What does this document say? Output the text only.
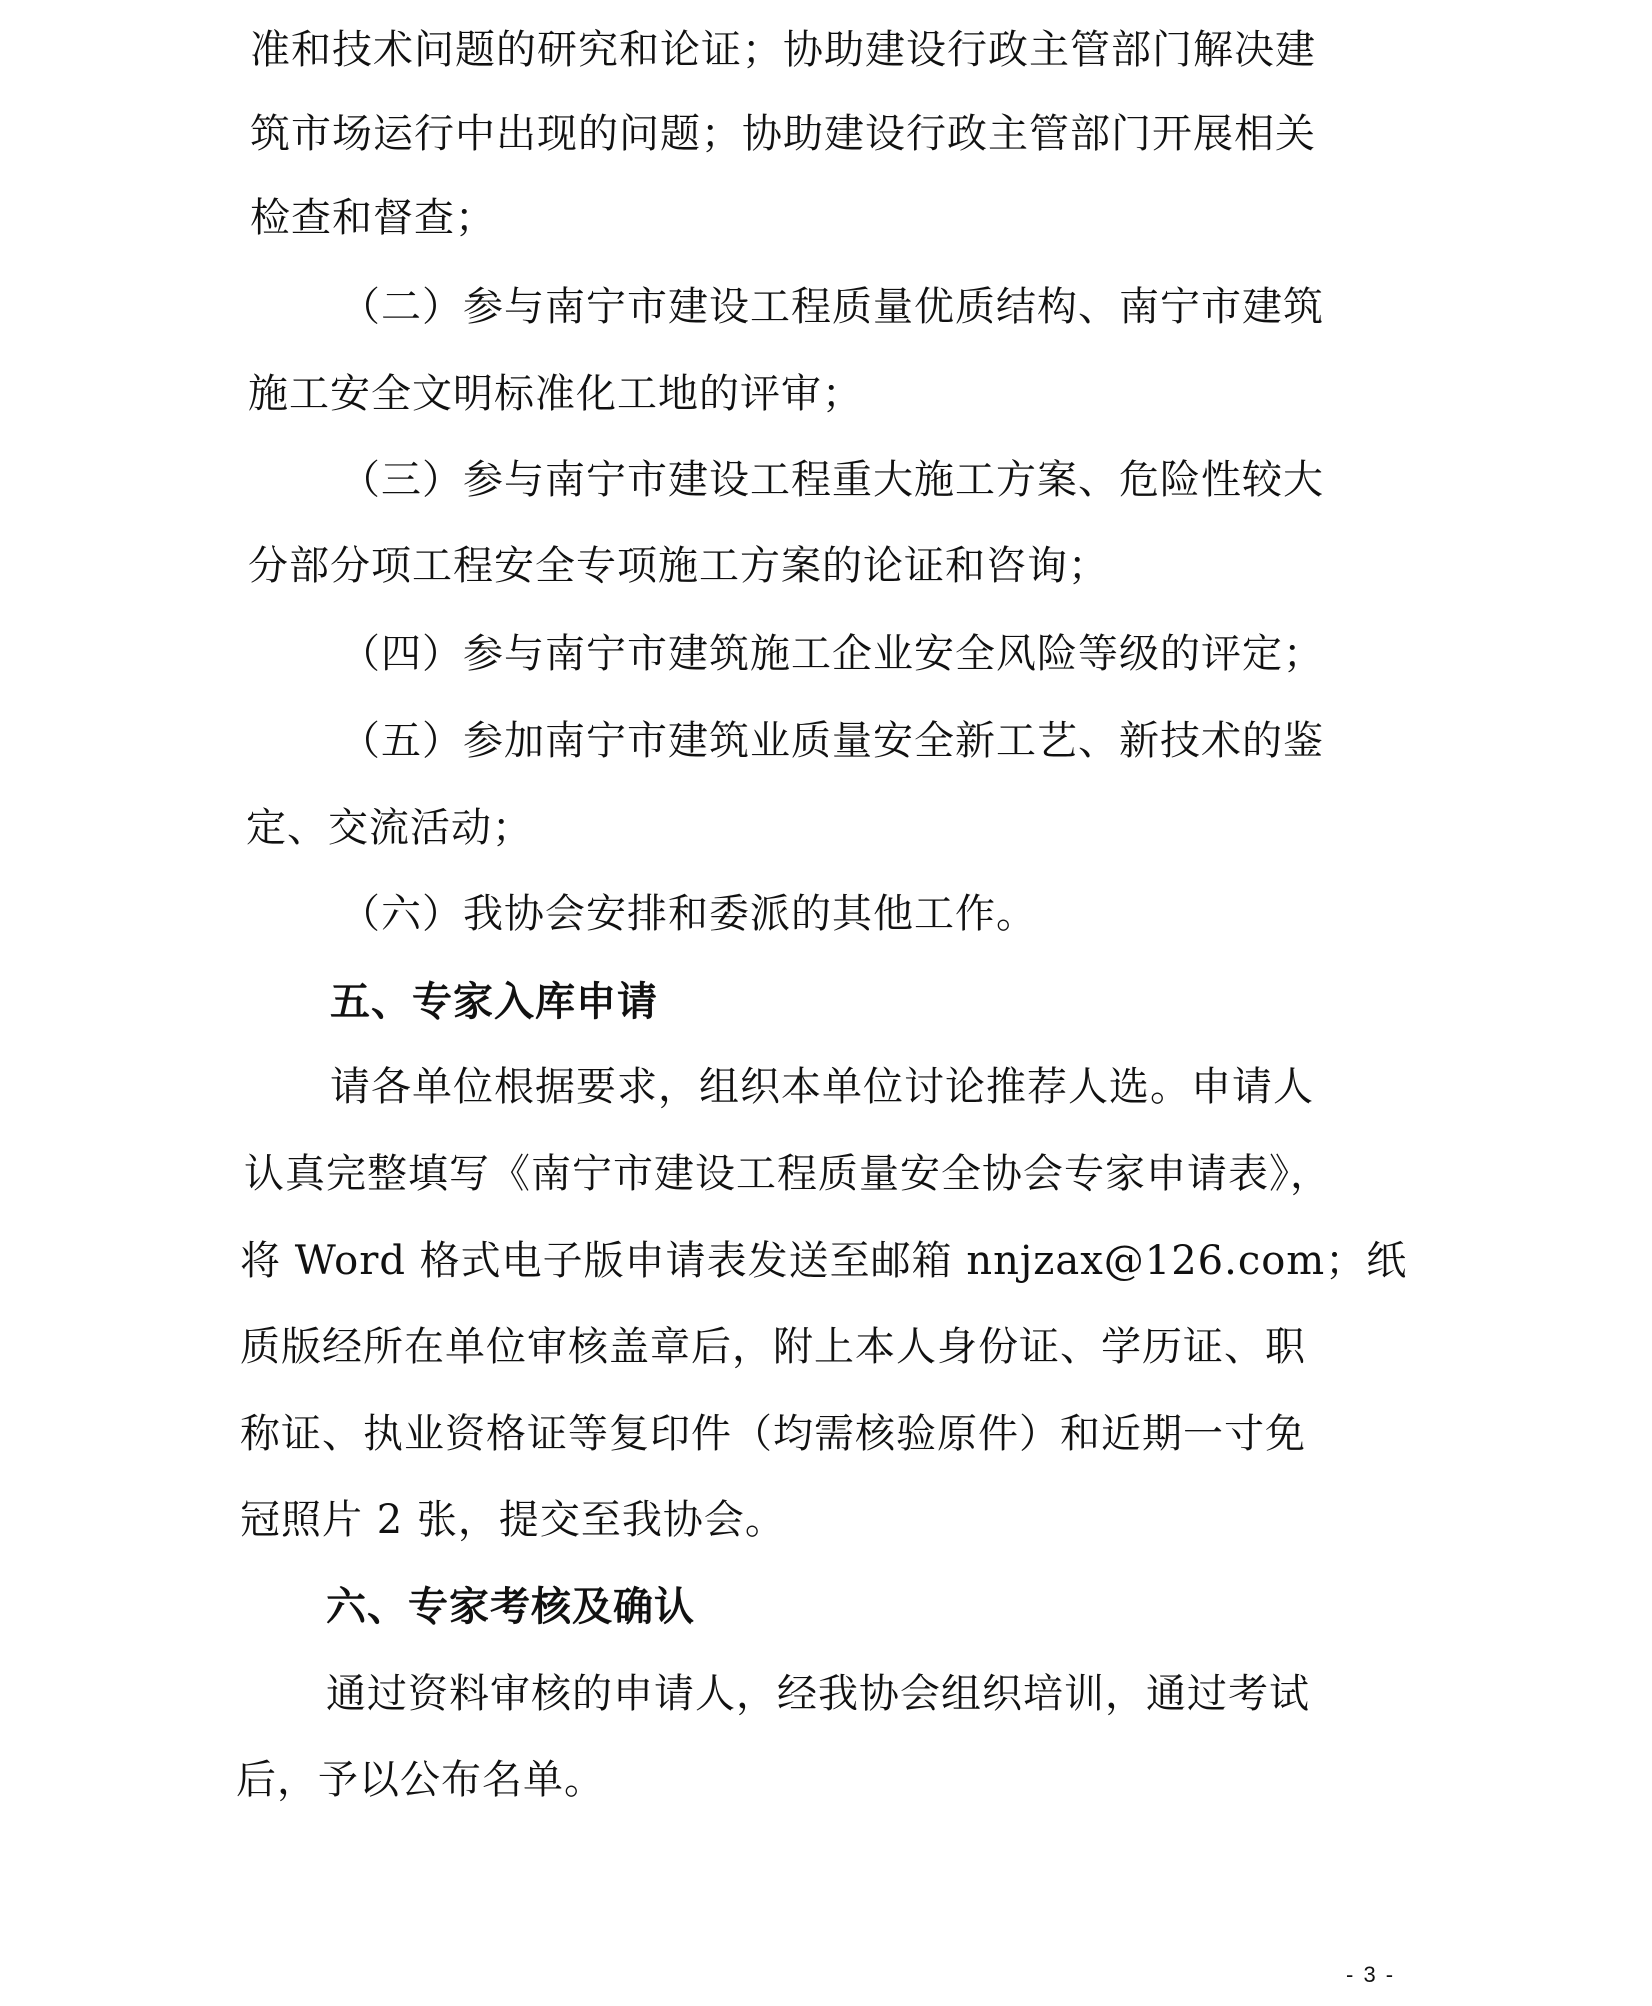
准和技术问题的研究和论证；协助建设行政主管部门解决建
筑市场运行中出现的问题；协助建设行政主管部门开展相关
检查和督查；
（二）参与南宁市建设工程质量优质结构、南宁市建筑
施工安全文明标准化工地的评审；
（三）参与南宁市建设工程重大施工方案、危险性较大
分部分项工程安全专项施工方案的论证和咨询；
（四）参与南宁市建筑施工企业安全风险等级的评定；
（五）参加南宁市建筑业质量安全新工艺、新技术的鉴
定、交流活动；
（六）我协会安排和委派的其他工作。
五、专家入库申请
请各单位根据要求，组织本单位讨论推荐人选。申请人
认真完整填写《南宁市建设工程质量安全协会专家申请表》，
将 Word 格式电子版申请表发送至邮箱 nnjzax@126.com；纸
质版经所在单位审核盖章后，附上本人身份证、学历证、职
称证、执业资格证等复印件（均需核验原件）和近期一寸免
冠照片 2 张，提交至我协会。
六、专家考核及确认
通过资料审核的申请人，经我协会组织培训，通过考试
后，予以公布名单。
- 3 -
